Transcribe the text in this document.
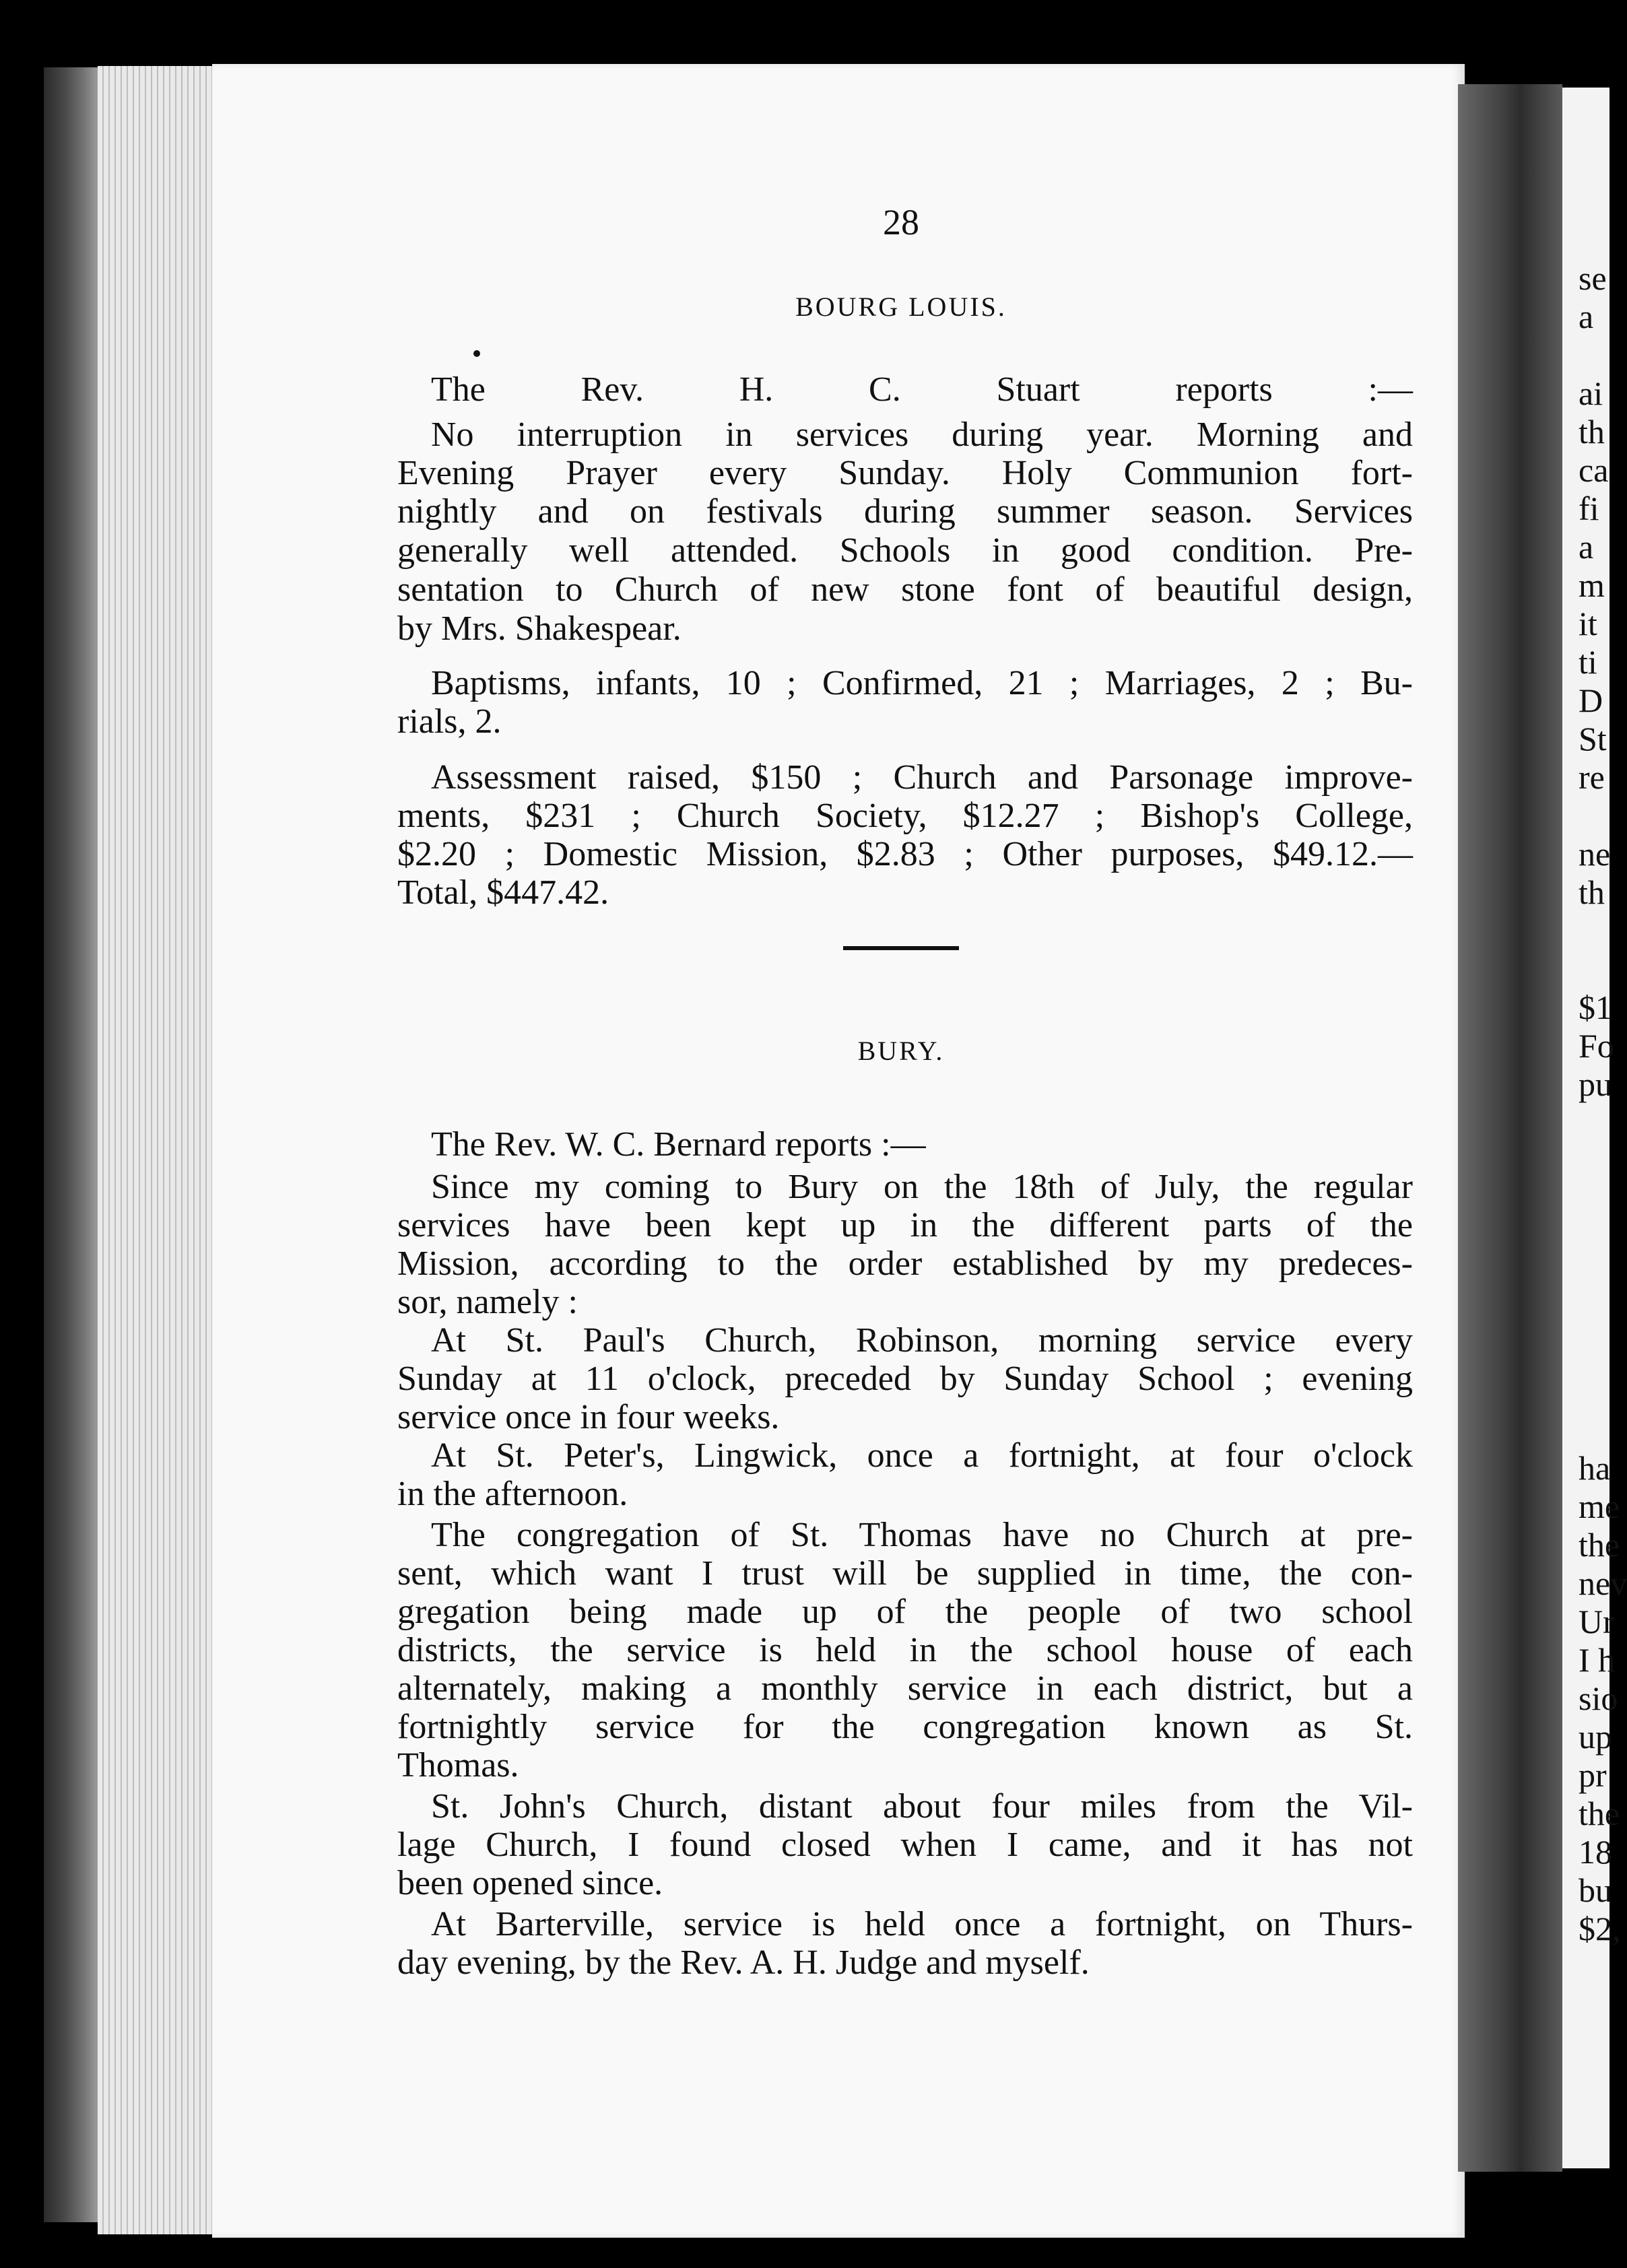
se
a
ai
th
ca
fi
a
m
it
ti
D
St
re
ne
th
$1
Fo
pu
ha
me
the
nev
Ur
I h
sio
up
pr
the
18
bu
$2,
28
BOURG LOUIS.
The Rev. H. C. Stuart reports :—
No interruption in services during year. Morning and
Evening Prayer every Sunday. Holy Communion fort-
nightly and on festivals during summer season. Services
generally well attended. Schools in good condition. Pre-
sentation to Church of new stone font of beautiful design,
by Mrs. Shakespear.
Baptisms, infants, 10 ; Confirmed, 21 ; Marriages, 2 ; Bu-
rials, 2.
Assessment raised, $150 ; Church and Parsonage improve-
ments, $231 ; Church Society, $12.27 ; Bishop's College,
$2.20 ; Domestic Mission, $2.83 ; Other purposes, $49.12.—
Total, $447.42.
BURY.
The Rev. W. C. Bernard reports :—
Since my coming to Bury on the 18th of July, the regular
services have been kept up in the different parts of the
Mission, according to the order established by my predeces-
sor, namely :
At St. Paul's Church, Robinson, morning service every
Sunday at 11 o'clock, preceded by Sunday School ; evening
service once in four weeks.
At St. Peter's, Lingwick, once a fortnight, at four o'clock
in the afternoon.
The congregation of St. Thomas have no Church at pre-
sent, which want I trust will be supplied in time, the con-
gregation being made up of the people of two school
districts, the service is held in the school house of each
alternately, making a monthly service in each district, but a
fortnightly service for the congregation known as St.
Thomas.
St. John's Church, distant about four miles from the Vil-
lage Church, I found closed when I came, and it has not
been opened since.
At Barterville, service is held once a fortnight, on Thurs-
day evening, by the Rev. A. H. Judge and myself.
